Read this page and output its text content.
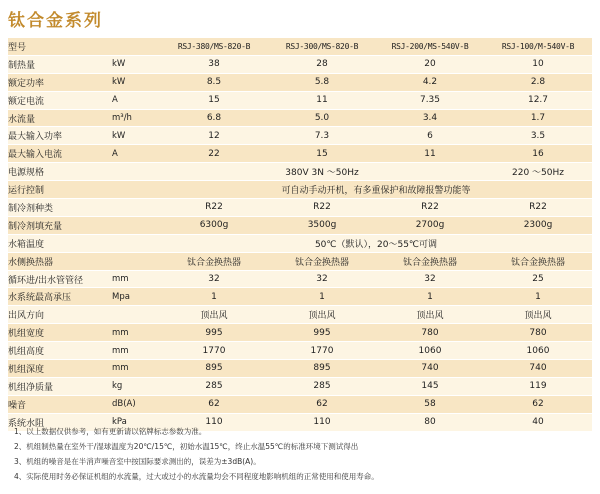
钛合金系列
型号		RSJ-380/MS-820-B	RSJ-300/MS-820-B	RSJ-200/MS-540V-B	RSJ-100/M-540V-B
制热量	kW	38	28	20	10
额定功率	kW	8.5	5.8	4.2	2.8
额定电流	A	15	11	7.35	12.7
水流量	m³/h	6.8	5.0	3.4	1.7
最大输入功率	kW	12	7.3	6	3.5
最大输入电流	A	22	15	11	16
电源规格		380V 3N ～50Hz			220 ～50Hz
运行控制		可自动手动开机，有多重保护和故障报警功能等			
制冷剂种类		R22	R22	R22	R22
制冷剂填充量		6300g	3500g	2700g	2300g
水箱温度		50℃（默认），20～55℃可调			
水侧换热器		钛合金换热器	钛合金换热器	钛合金换热器	钛合金换热器
循环进/出水管管径	mm	32	32	32	25
水系统最高承压	Mpa	1	1	1	1
出风方向		顶出风	顶出风	顶出风	顶出风
机组宽度	mm	995	995	780	780
机组高度	mm	1770	1770	1060	1060
机组深度	mm	895	895	740	740
机组净质量	kg	285	285	145	119
噪音	dB(A)	62	62	58	62
系统水阻	kPa	110	110	80	40
1、以上数据仅供参考，如有更新请以铭牌标志参数为准。
2、机组制热量在室外干/湿球温度为20℃/15℃，初始水温15℃，终止水温55℃的标准环境下测试得出
3、机组的噪音是在半消声噪音室中按国际要求测出的，误差为±3dB(A)。
4、实际使用时务必保证机组的水流量，过大或过小的水流量均会不同程度地影响机组的正常使用和使用寿命。
